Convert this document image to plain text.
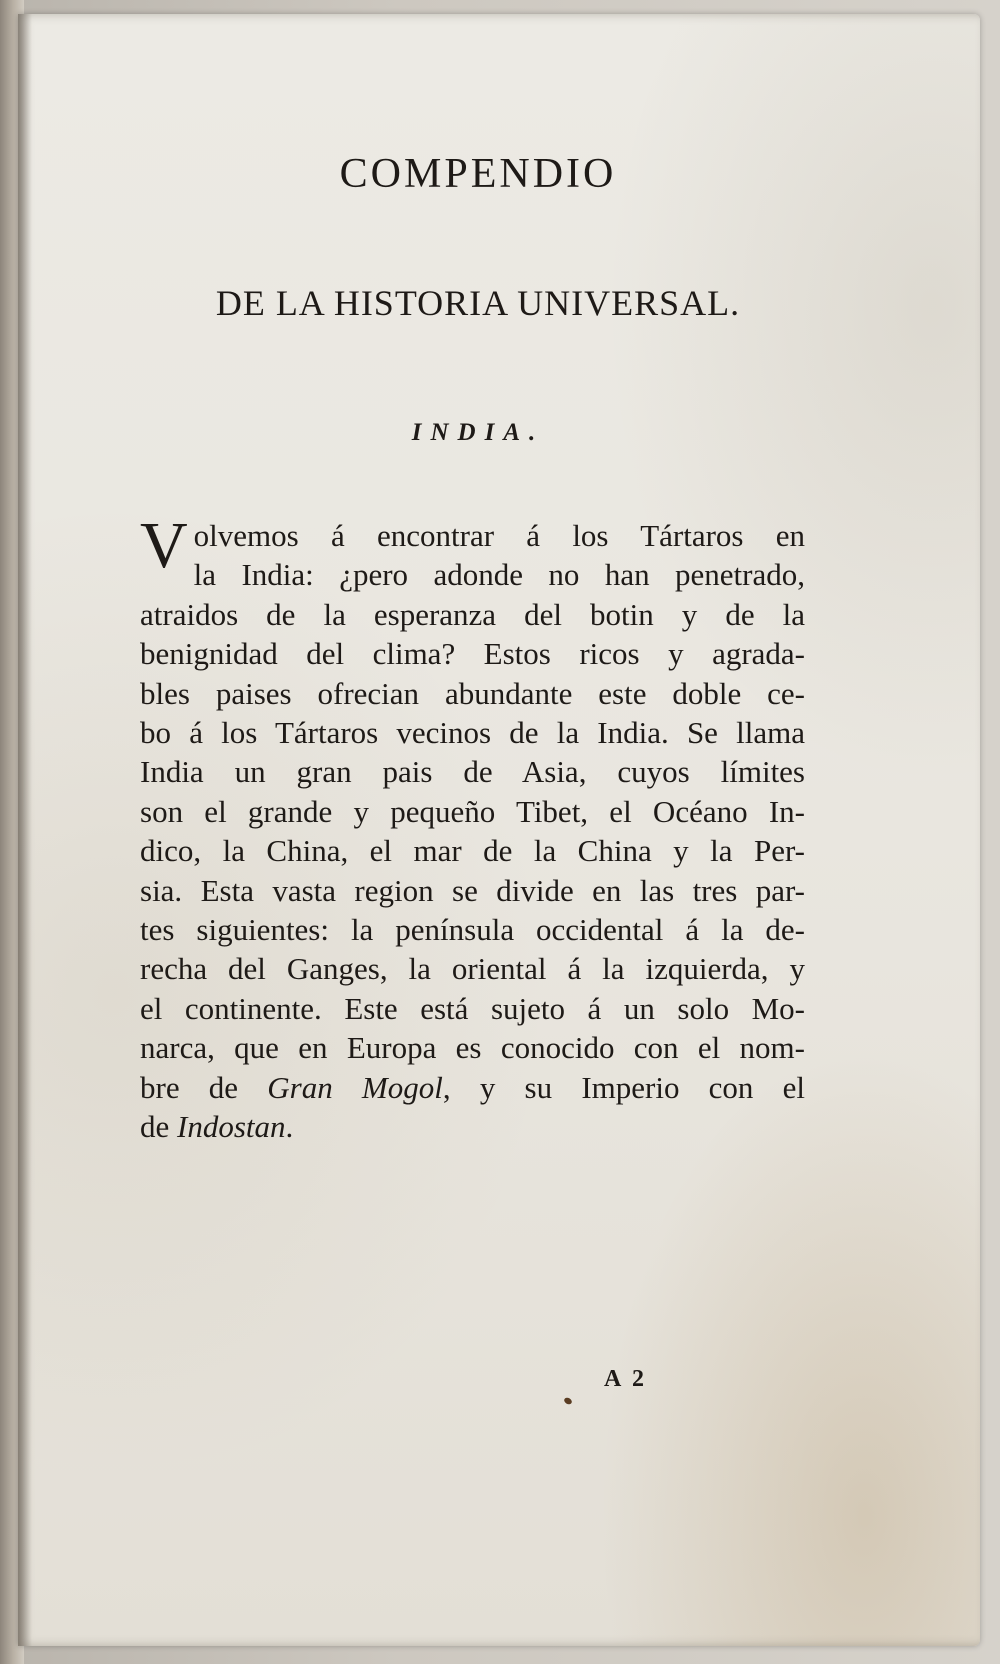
COMPENDIO
DE LA HISTORIA UNIVERSAL.
INDIA.
V olvemos á encontrar á los Tártaros en
la India: ¿pero adonde no han penetrado,
atraidos de la esperanza del botin y de la
benignidad del clima? Estos ricos y agrada-
bles paises ofrecian abundante este doble ce-
bo á los Tártaros vecinos de la India. Se llama
India un gran pais de Asia, cuyos límites
son el grande y pequeño Tibet, el Océano In-
dico, la China, el mar de la China y la Per-
sia. Esta vasta region se divide en las tres par-
tes siguientes: la península occidental á la de-
recha del Ganges, la oriental á la izquierda, y
el continente. Este está sujeto á un solo Mo-
narca, que en Europa es conocido con el nom-
bre de Gran Mogol, y su Imperio con el
de Indostan.
A 2
